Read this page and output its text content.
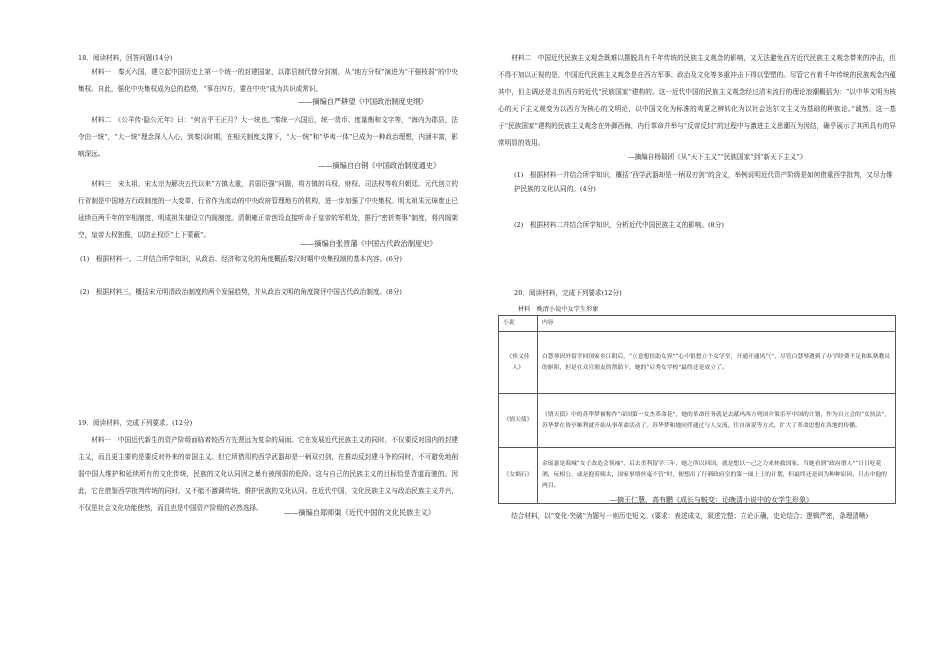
18．阅读材料，回答问题(14分)
材料一　秦灭六国，建立起中国历史上第一个统一的封建国家，以郡县制代替分封制，从“地方分权”演进为“干强枝弱”的中央集权。自此，强化中央集权成为总的趋势，“事在四方，要在中央”成为共识或常识。
——摘编自严耕望《中国政治制度史纲》
材料二　《公羊传·隐公元年》曰：“何言乎王正月？大一统也。”秦统一六国后，统一货币、度量衡和文字等，“海内为郡县，法令由一统”，“大一统”理念深入人心，到秦汉时期，在相关制度支撑下，“大一统”和“华夷一体”已成为一种政治理想，内涵丰富，影响深远。
——摘编自白钢《中国政治制度通史》
材料三　宋太祖、宋太宗为解决五代以来“方镇太重，君弱臣强”问题，将方镇的兵权、财权、司法权等收归朝廷。元代创立的行省制是中国地方行政制度的一大变革，行省作为流动的中央政府管理地方的机构，进一步加强了中央集权。明太祖朱元璋废止已延续百两千年的宰相制度，明成祖朱棣设立内阁制度。清朝雍正帝创设直接听命于皇帝的军机处，推行“密折奏事”制度，将内阁架空，皇帝大权独揽，以防止权臣“上下蒙蔽”。
——摘编自张晋藩《中国古代政治制度史》
(1)　根据材料一、二并结合所学知识，从政治、经济和文化的角度概括秦汉时期中央集权制的基本内容。(6分)
(2)　根据材料三，概括宋元明清政治制度的两个发展趋势，并从政治文明的角度简评中国古代政治制度。(8分)
19．阅读材料，完成下列要求。(12分)
材料一　中国近代新生的资产阶级面临着较西方先贤远为复杂的局面。它在发展近代民族主义的同时，不仅要反对国内的封建主义，而且更主要的是要反对外来的帝国主义。但它所借用的西学武器却是一柄双刃剑，在推动反封建斗争的同时，不可避免地削弱中国人维护和延续所有的文化传统，民族的文化认同因之暴有被削弱的危险。这与自己的民族主义的目标恰是背道而驰的。因此，它在借鉴西学批判传统的同时，又不能不激调传统，维护民族的文化认同。在近代中国，文化民族主义与政治民族主义并兴，不仅是社会文化功能使然，而且也是中国资产阶级的必然选择。	——摘编自郑师渠《近代中国的文化民族主义》
材料二　中国近代民族主义观念既难以摆脱具有千年传统的民族主义观念的影响，又无法避免西方近代民族主义观念带来的冲击，但不得不加以正视的是，中国近代民族主义观念是在西方军事、政治及文化等多重冲击下得以型塑的。尽管它有着千年传统的民族观念内蕴其中，但主调还是北仿西方的近代“民族国家”建构的。这一近代中国的民族主义观念经过清末流行的理论浪潮概括为：“以中华文明为核心的天下主义观变为以西方为核心的文明论，以中国文化为标准的夷夏之辨转化为以社会达尔文主义为基础的种族论。”诚然，这一基于“民族国家”建构的民族主义观念在外御西侮，内行革命并举与“反帝反封”的过程中与激进主义思潮互为因结，确乎展示了其所具有的异常明显的效用。
—摘编自杨瑞团《从“天下主义”“民族国家”到“新天下主义”》
(1)　根据材料一并结合所学知识，概括“西学武器却是一柄双刃剑”的含义，举例说明近代资产阶级是如何借重西学批判，又尽力维护民族的文化认同的。(4分)
(2)　根据材料二并结合所学知识，分析近代中国民族主义的影响。(8分)
20．阅读材料，完成下列要求(12分)
材料　晚清小说中女学生形象
小说	内容
《侠义佳人》	白慧琴因外留学回国家乡江阴后，“立意想扶助女界”“心中很想立个女学堂，开通开通风气”，尽管白慧琴遇到了办学经费不足和私塾教员的驱阻，但是在众官朋友的帮助下，她的“启秀女学校”最终还是成立了。
《情天债》	《情天债》中的苏华梦被称作“帝国第一女杰革命花”，她的革命任务就是去献玛西方列国介策乐亭中国的计划，作为自立会的“女执法”，苏华梦在资亭顺利就开始从事革命活动了。苏华梦和她同伴通过与人交流，往自演说等方式，扩大了革命思想在各地的传播。
《女娲石》	金瑶瑟是海城“女子改造会领袖”，后去美利留学三年，她之所以回国，就是想以一己之力来拯救国家。当她看到“政府谓人”“日日吃花酒，玩相公，或是抱着姨太，国家事情丝毫不管”时，便想出了行刺政府皇的第一面上上的计划，但最终还是因为种种原因，只击中他的两目。
—摘王仁慧、高有鹏《成长与蜕变：论晚清小说中的女学生形象》
结合材料，以“变化·突破”为题写一则历史短文。(要求：表述成文，叙述完整；立论正确，史论结合；逻辑严密，条理清晰)
